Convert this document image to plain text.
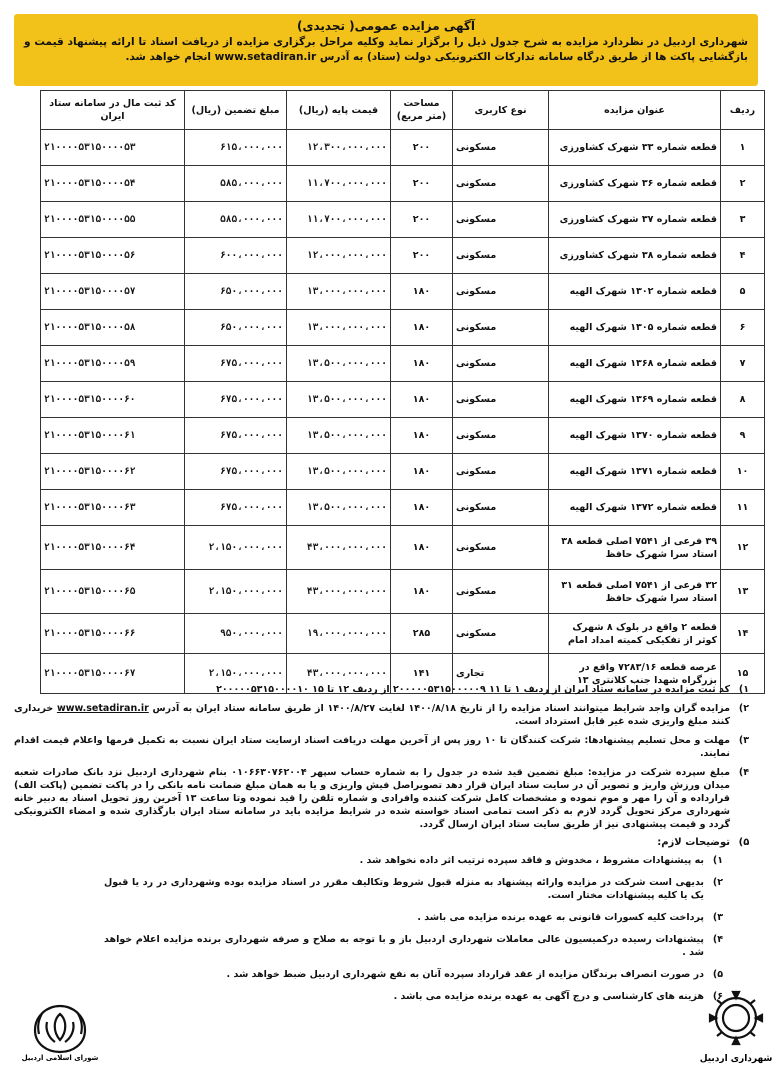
آگهی مزایده عمومی( تجدیدی)
شهرداری اردبیل در نظردارد مزایده به شرح جدول ذیل را برگزار نماید وکلیه مراحل برگزاری مزایده از دریافت اسناد تا ارائه پیشنهاد قیمت و بازگشایی پاکت ها از طریق درگاه سامانه تدارکات الکترونیکی دولت (ستاد) به آدرس www.setadiran.ir انجام خواهد شد.
ردیف	عنوان مزایده	نوع کاربری	مساحت (متر مربع)	قیمت پایه (ریال)	مبلغ تضمین (ریال)	کد ثبت مال در سامانه ستاد ایران
۱	قطعه شماره ۳۳ شهرک کشاورزی	مسکونی	۲۰۰	۱۲،۳۰۰،۰۰۰،۰۰۰	۶۱۵،۰۰۰،۰۰۰	۲۱۰۰۰۰۵۳۱۵۰۰۰۰۵۳
۲	قطعه شماره ۳۶ شهرک کشاورزی	مسکونی	۲۰۰	۱۱،۷۰۰،۰۰۰،۰۰۰	۵۸۵،۰۰۰،۰۰۰	۲۱۰۰۰۰۵۳۱۵۰۰۰۰۵۴
۳	قطعه شماره ۳۷ شهرک کشاورزی	مسکونی	۲۰۰	۱۱،۷۰۰،۰۰۰،۰۰۰	۵۸۵،۰۰۰،۰۰۰	۲۱۰۰۰۰۵۳۱۵۰۰۰۰۵۵
۴	قطعه شماره ۳۸ شهرک کشاورزی	مسکونی	۲۰۰	۱۲،۰۰۰،۰۰۰،۰۰۰	۶۰۰،۰۰۰،۰۰۰	۲۱۰۰۰۰۵۳۱۵۰۰۰۰۵۶
۵	قطعه شماره ۱۳۰۲ شهرک الهیه	مسکونی	۱۸۰	۱۳،۰۰۰،۰۰۰،۰۰۰	۶۵۰،۰۰۰،۰۰۰	۲۱۰۰۰۰۵۳۱۵۰۰۰۰۵۷
۶	قطعه شماره ۱۳۰۵ شهرک الهیه	مسکونی	۱۸۰	۱۳،۰۰۰،۰۰۰،۰۰۰	۶۵۰،۰۰۰،۰۰۰	۲۱۰۰۰۰۵۳۱۵۰۰۰۰۵۸
۷	قطعه شماره ۱۳۶۸ شهرک الهیه	مسکونی	۱۸۰	۱۳،۵۰۰،۰۰۰،۰۰۰	۶۷۵،۰۰۰،۰۰۰	۲۱۰۰۰۰۵۳۱۵۰۰۰۰۵۹
۸	قطعه شماره ۱۳۶۹ شهرک الهیه	مسکونی	۱۸۰	۱۳،۵۰۰،۰۰۰،۰۰۰	۶۷۵،۰۰۰،۰۰۰	۲۱۰۰۰۰۵۳۱۵۰۰۰۰۶۰
۹	قطعه شماره ۱۳۷۰ شهرک الهیه	مسکونی	۱۸۰	۱۳،۵۰۰،۰۰۰،۰۰۰	۶۷۵،۰۰۰،۰۰۰	۲۱۰۰۰۰۵۳۱۵۰۰۰۰۶۱
۱۰	قطعه شماره ۱۳۷۱ شهرک الهیه	مسکونی	۱۸۰	۱۳،۵۰۰،۰۰۰،۰۰۰	۶۷۵،۰۰۰،۰۰۰	۲۱۰۰۰۰۵۳۱۵۰۰۰۰۶۲
۱۱	قطعه شماره ۱۳۷۲ شهرک الهیه	مسکونی	۱۸۰	۱۳،۵۰۰،۰۰۰،۰۰۰	۶۷۵،۰۰۰،۰۰۰	۲۱۰۰۰۰۵۳۱۵۰۰۰۰۶۳
۱۲	۳۹ فرعی از ۷۵۴۱ اصلی قطعه ۳۸ استاد سرا شهرک حافظ	مسکونی	۱۸۰	۴۳،۰۰۰،۰۰۰،۰۰۰	۲،۱۵۰،۰۰۰،۰۰۰	۲۱۰۰۰۰۵۳۱۵۰۰۰۰۶۴
۱۳	۳۲ فرعی از ۷۵۴۱ اصلی قطعه ۳۱ استاد سرا شهرک حافظ	مسکونی	۱۸۰	۴۳،۰۰۰،۰۰۰،۰۰۰	۲،۱۵۰،۰۰۰،۰۰۰	۲۱۰۰۰۰۵۳۱۵۰۰۰۰۶۵
۱۴	قطعه ۲ واقع در بلوک ۸ شهرک کوثر از تفکیکی کمیته امداد امام	مسکونی	۲۸۵	۱۹،۰۰۰،۰۰۰،۰۰۰	۹۵۰،۰۰۰،۰۰۰	۲۱۰۰۰۰۵۳۱۵۰۰۰۰۶۶
۱۵	عرصه قطعه ۷۲۸۳/۱۶ واقع در بزرگراه شهدا جنب کلانتری ۱۳	تجاری	۱۴۱	۴۳،۰۰۰،۰۰۰،۰۰۰	۲،۱۵۰،۰۰۰،۰۰۰	۲۱۰۰۰۰۵۳۱۵۰۰۰۰۶۷
۱)
کد ثبت مزایده در سامانه ستاد ایران از ردیف ۱ تا ۱۱ ۲۰۰۰۰۰۵۳۱۵۰۰۰۰۰۹ از ردیف ۱۲ تا ۱۵ ۲۰۰۰۰۰۵۳۱۵۰۰۰۰۱۰
۲)
مزایده گران واجد شرایط میتوانند اسناد مزایده را از تاریخ ۱۴۰۰/۸/۱۸ لغایت ۱۴۰۰/۸/۲۷ از طریق سامانه ستاد ایران به آدرس www.setadiran.ir خریداری کنند مبلغ واریزی شده غیر قابل استرداد است.
۳)
مهلت و محل تسلیم پیشنهادها: شرکت کنندگان تا ۱۰ روز پس از آخرین مهلت دریافت اسناد ازسایت ستاد ایران نسبت به تکمیل فرمها واعلام قیمت اقدام نمایند.
۴)
مبلغ سپرده شرکت در مزایده: مبلغ تضمین قید شده در جدول را به شماره حساب سپهر ۰۱۰۶۶۳۰۷۶۲۰۰۴ بنام شهرداری اردبیل نزد بانک صادرات شعبه میدان ورزش واریز و تصویر آن در سایت ستاد ایران قرار دهد تصویراصل فیش واریزی و یا به همان مبلغ ضمانت نامه بانکی را در پاکت تضمین (پاکت الف) قرارداده و آن را مهر و موم نموده و مشخصات کامل شرکت کننده وافرادی و شماره تلفن را قید نموده وتا ساعت ۱۳ آخرین روز تحویل اسناد به دبیر خانه شهرداری مرکز تحویل گردد لازم به ذکر است تمامی اسناد خواسته شده در شرایط مزایده باید در سامانه ستاد ایران بارگذاری شده و امضاء الکترونیکی گردد و قیمت پیشنهادی نیز از طریق سایت ستاد ایران ارسال گردد.
۵)
توضیحات لازم:
۱)
به پیشنهادات مشروط ، مخدوش و فاقد سپرده ترتیب اثر داده نخواهد شد .
۲)
بدیهی است شرکت در مزایده وارائه پیشنهاد به منزله قبول شروط وتکالیف مقرر در اسناد مزایده بوده وشهرداری در رد یا قبول یک یا کلیه پیشنهادات مختار است.
۳)
پرداخت کلیه کسورات قانونی به عهده برنده مزایده می باشد .
۴)
پیشنهادات رسیده درکمیسیون عالی معاملات شهرداری اردبیل باز و با توجه به صلاح و صرفه شهرداری برنده مزایده اعلام خواهد شد .
۵)
در صورت انصراف برندگان مزایده از عقد قرارداد سپرده آنان به نفع شهرداری اردبیل ضبط خواهد شد .
۶)
هزینه های کارشناسی و درج آگهی به عهده برنده مزایده می باشد .
شهرداری اردبیل
شورای اسلامی اردبیل
